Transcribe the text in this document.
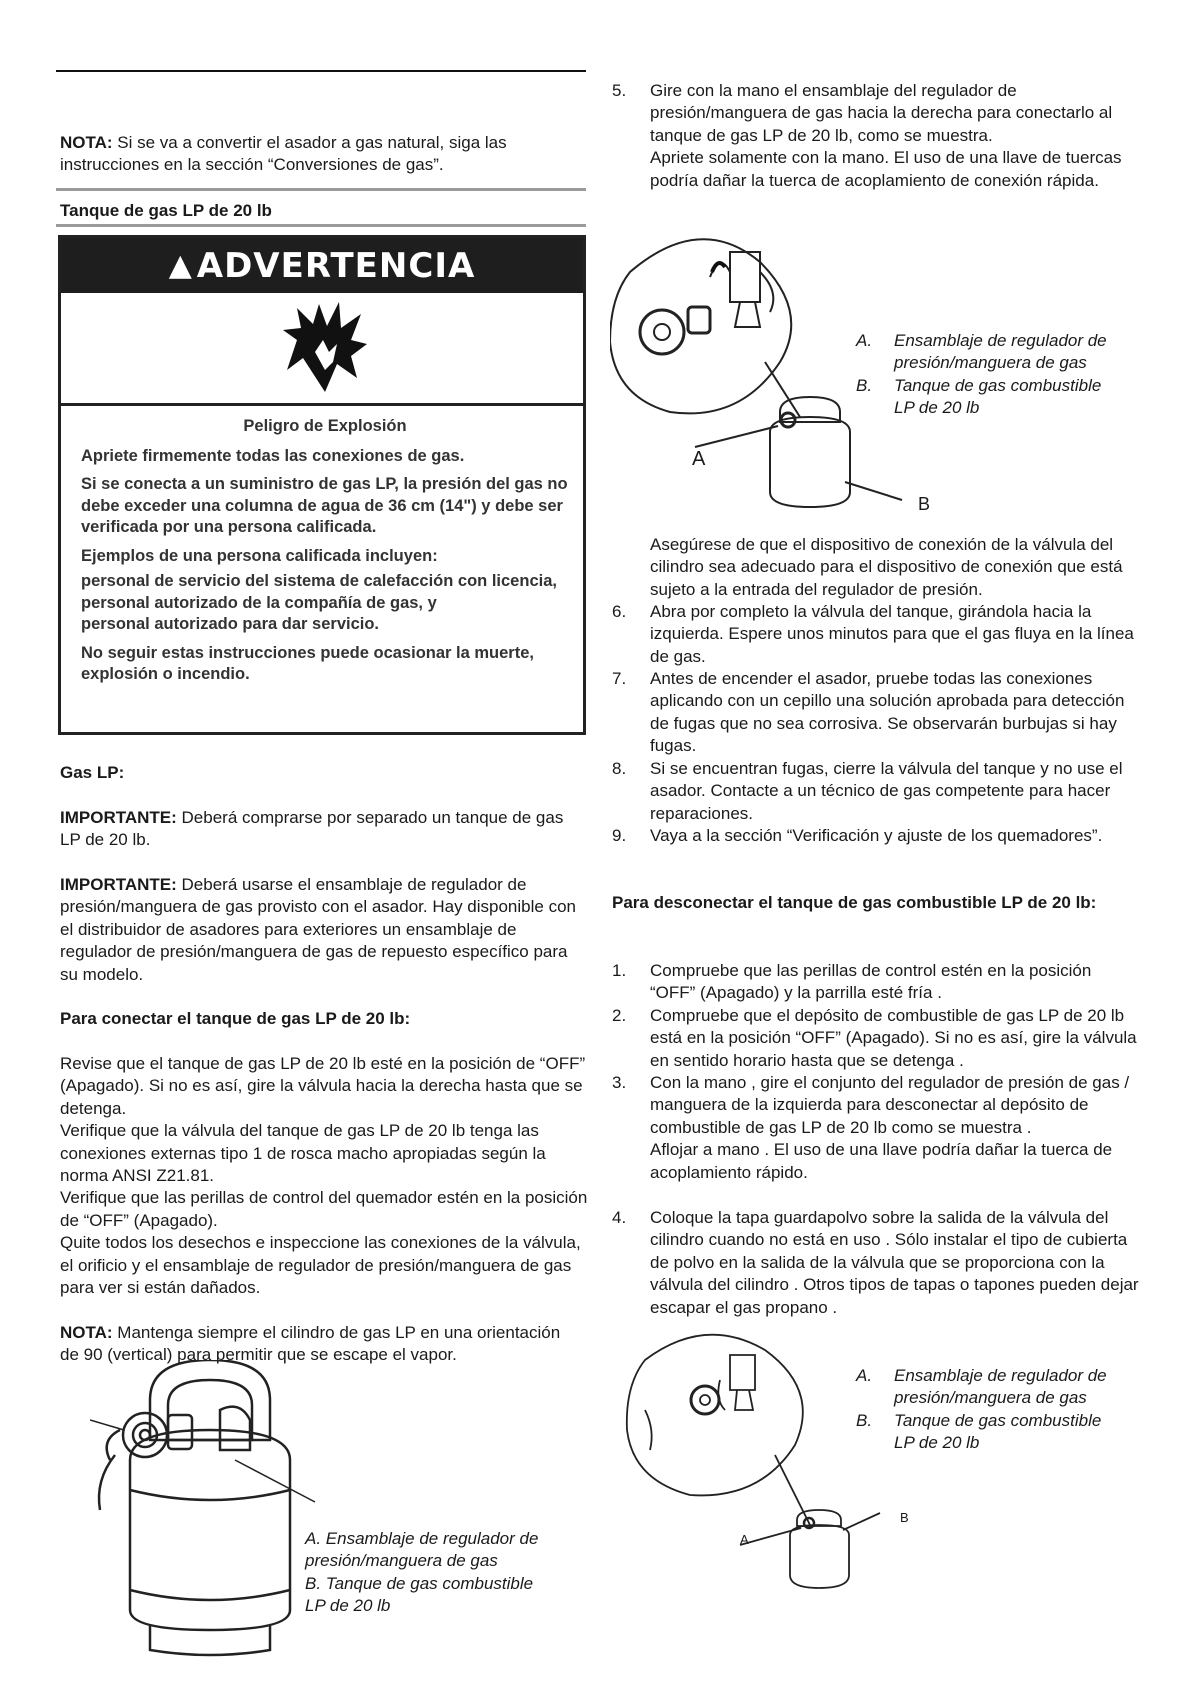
NOTA: Si se va a convertir el asador a gas natural, siga las instrucciones en la sección “Conversiones de gas”.

Tanque de gas LP de 20 lb
▲ ADVERTENCIA

Peligro de Explosión

Apriete firmemente todas las conexiones de gas.

Si se conecta a un suministro de gas LP, la presión del gas no debe exceder una columna de agua de 36 cm (14") y debe ser verificada por una persona calificada.

Ejemplos de una persona calificada incluyen:

personal de servicio del sistema de calefacción con licencia,

personal autorizado de la compañía de gas, y

personal autorizado para dar servicio.

No seguir estas instrucciones puede ocasionar la muerte, explosión o incendio.

Gas LP:

IMPORTANTE: Deberá comprarse por separado un tanque de gas LP de 20 lb.

IMPORTANTE: Deberá usarse el ensamblaje de regulador de presión/manguera de gas provisto con el asador. Hay disponible con el distribuidor de asadores para exteriores un ensamblaje de regulador de presión/manguera de gas de repuesto específico para su modelo.

Para conectar el tanque de gas LP de 20 lb:
Revise que el tanque de gas LP de 20 lb esté en la posición de “OFF” (Apagado). Si no es así, gire la válvula hacia la derecha hasta que se detenga.
Verifique que la válvula del tanque de gas LP de 20 lb tenga las conexiones externas tipo 1 de rosca macho apropiadas según la norma ANSI Z21.81.
Verifique que las perillas de control del quemador estén en la posición de “OFF” (Apagado).
Quite todos los desechos e inspeccione las conexiones de la válvula, el orificio y el ensamblaje de regulador de presión/manguera de gas para ver si están dañados.

NOTA: Mantenga siempre el cilindro de gas LP en una orientación de 90 (vertical) para permitir que se escape el vapor.

A. Ensamblaje de regulador de
presión/manguera de gas
B. Tanque de gas combustible
LP de 20 lb
5. Gire con la mano el ensamblaje del regulador de presión/manguera de gas hacia la derecha para conectarlo al tanque de gas LP de 20 lb, como se muestra.
Apriete solamente con la mano. El uso de una llave de tuercas podría dañar la tuerca de acoplamiento de conexión rápida.
A
B
A. Ensamblaje de regulador de
presión/manguera de gas
B. Tanque de gas combustible
LP de 20 lb
Asegúrese de que el dispositivo de conexión de la válvula del cilindro sea adecuado para el dispositivo de conexión que está sujeto a la entrada del regulador de presión.
6. Abra por completo la válvula del tanque, girándola hacia la izquierda. Espere unos minutos para que el gas fluya en la línea de gas.
7. Antes de encender el asador, pruebe todas las conexiones aplicando con un cepillo una solución aprobada para detección de fugas que no sea corrosiva. Se observarán burbujas si hay fugas.
8. Si se encuentran fugas, cierre la válvula del tanque y no use el asador. Contacte a un técnico de gas competente para hacer reparaciones.
9. Vaya a la sección “Verificación y ajuste de los quemadores”.
Para desconectar el tanque de gas combustible LP de 20 lb:
1. Compruebe que las perillas de control estén en la posición “OFF” (Apagado) y la parrilla esté fría .
2. Compruebe que el depósito de combustible de gas LP de 20 lb está en la posición “OFF” (Apagado). Si no es así, gire la válvula en sentido horario hasta que se detenga .
3. Con la mano , gire el conjunto del regulador de presión de gas / manguera de la izquierda para desconectar al depósito de combustible de gas LP de 20 lb como se muestra .
Aflojar a mano . El uso de una llave podría dañar la tuerca de acoplamiento rápido.
4. Coloque la tapa guardapolvo sobre la salida de la válvula del cilindro cuando no está en uso . Sólo instalar el tipo de cubierta de polvo en la salida de la válvula que se proporciona con la válvula del cilindro . Otros tipos de tapas o tapones pueden dejar escapar el gas propano .
A
B
A. Ensamblaje de regulador de
presión/manguera de gas
B. Tanque de gas combustible
LP de 20 lb
